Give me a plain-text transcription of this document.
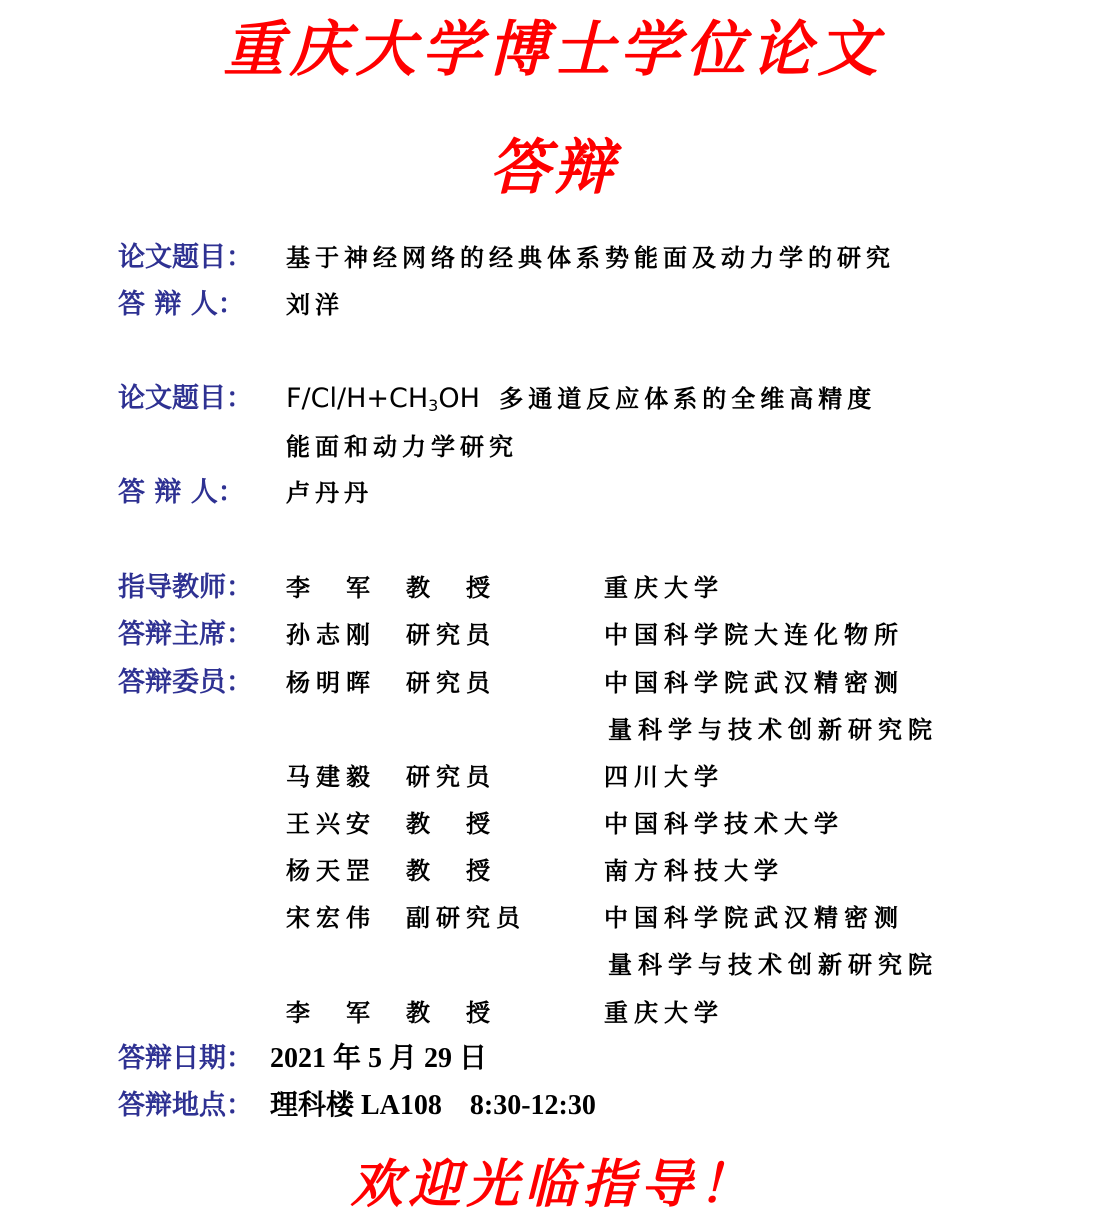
重庆大学博士学位论文
答辩
论文题目： 基于神经网络的经典体系势能面及动力学的研究
答 辩 人： 刘洋
论文题目： $F/Cl/H+CH_3OH$ 多通道反应体系的全维高精度
能面和动力学研究
答 辩 人： 卢丹丹
指导教师： 李　军 教　授	重庆大学
答辩主席： 孙志刚 研究员	中国科学院大连化物所
答辩委员： 杨明晖 研究员	中国科学院武汉精密测
量科学与技术创新研究院
马建毅 研究员	四川大学
王兴安 教　授	中国科学技术大学
杨天罡 教　授	南方科技大学
宋宏伟 副研究员	中国科学院武汉精密测
量科学与技术创新研究院
李　军 教　授	重庆大学
答辩日期： 2021 年 5 月 29 日
答辩地点： 理科楼 LA108　8:30-12:30
欢迎光临指导！
